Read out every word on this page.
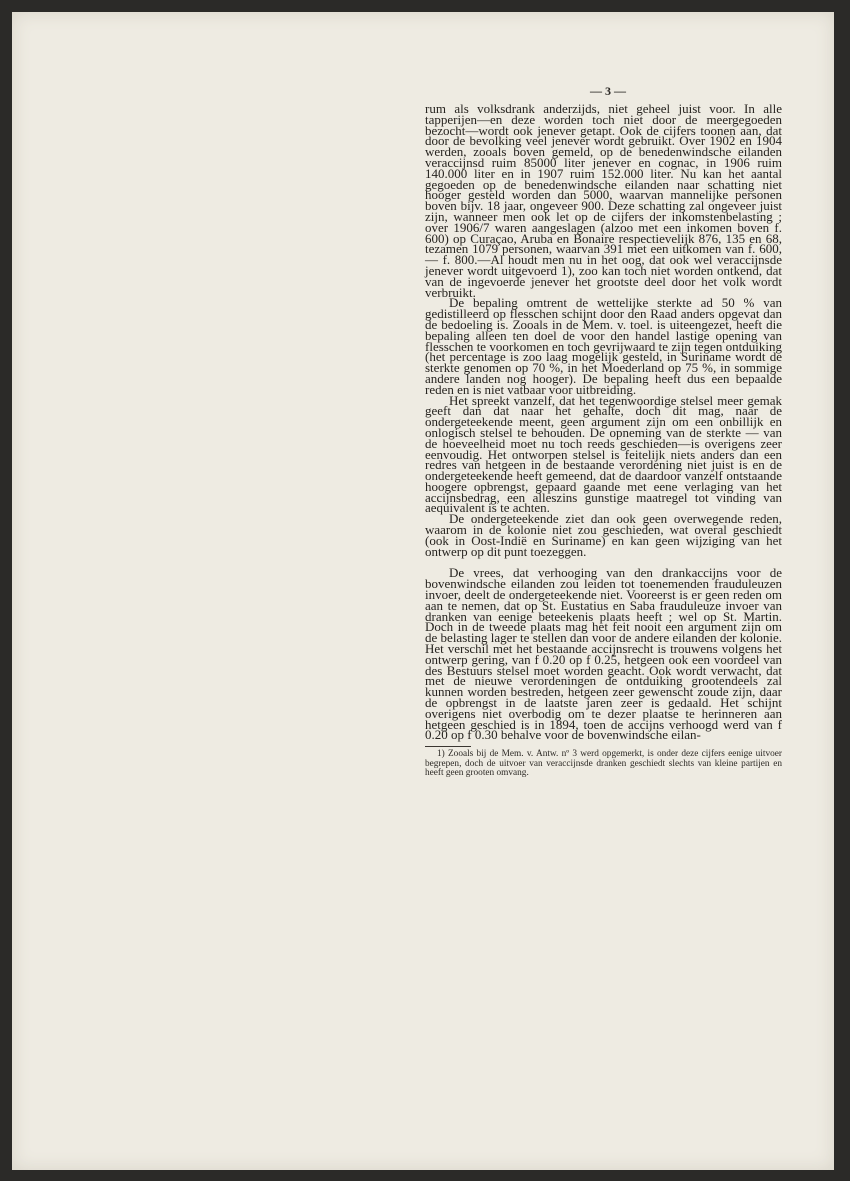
— 3 —

rum als volksdrank anderzijds, niet geheel juist voor. In alle tapperijen—en deze worden toch niet door de meergegoeden bezocht—wordt ook jenever getapt. Ook de cijfers toonen aan, dat door de bevolking veel jenever wordt gebruikt. Over 1902 en 1904 werden, zooals boven gemeld, op de benedenwindsche eilanden veraccijnsd ruim 85000 liter jenever en cognac, in 1906 ruim 140.000 liter en in 1907 ruim 152.000 liter. Nu kan het aantal gegoeden op de benedenwindsche eilanden naar schatting niet hooger gesteld worden dan 5000, waarvan mannelijke personen boven bijv. 18 jaar, ongeveer 900. Deze schatting zal ongeveer juist zijn, wanneer men ook let op de cijfers der inkomstenbelasting ; over 1906/7 waren aangeslagen (alzoo met een inkomen boven f. 600) op Curaçao, Aruba en Bonaire respectievelijk 876, 135 en 68, tezamen 1079 personen, waarvan 391 met een uitkomen van f. 600,— f. 800.—Al houdt men nu in het oog, dat ook wel veraccijnsde jenever wordt uitgevoerd 1), zoo kan toch niet worden ontkend, dat van de ingevoerde jenever het grootste deel door het volk wordt verbruikt.

De bepaling omtrent de wettelijke sterkte ad 50 % van gedistilleerd op flesschen schijnt door den Raad anders opgevat dan de bedoeling is. Zooals in de Mem. v. toel. is uiteengezet, heeft die bepaling alleen ten doel de voor den handel lastige opening van flesschen te voorkomen en toch gevrijwaard te zijn tegen ontduiking (het percentage is zoo laag mogelijk gesteld, in Suriname wordt de sterkte genomen op 70 %, in het Moederland op 75 %, in sommige andere landen nog hooger). De bepaling heeft dus een bepaalde reden en is niet vatbaar voor uitbreiding.

Het spreekt vanzelf, dat het tegenwoordige stelsel meer gemak geeft dan dat naar het gehalte, doch dit mag, naar de ondergeteekende meent, geen argument zijn om een onbillijk en onlogisch stelsel te behouden. De opneming van de sterkte — van de hoeveelheid moet nu toch reeds geschieden—is overigens zeer eenvoudig. Het ontworpen stelsel is feitelijk niets anders dan een redres van hetgeen in de bestaande verordening niet juist is en de ondergeteekende heeft gemeend, dat de daardoor vanzelf ontstaande hoogere opbrengst, gepaard gaande met eene verlaging van het accijnsbedrag, een alleszins gunstige maatregel tot vinding van aequivalent is te achten.

De ondergeteekende ziet dan ook geen overwegende reden, waarom in de kolonie niet zou geschieden, wat overal geschiedt (ook in Oost-Indië en Suriname) en kan geen wijziging van het ontwerp op dit punt toezeggen.

De vrees, dat verhooging van den drankaccijns voor de bovenwindsche eilanden zou leiden tot toenemenden frauduleuzen invoer, deelt de ondergeteekende niet. Vooreerst is er geen reden om aan te nemen, dat op St. Eustatius en Saba frauduleuze invoer van dranken van eenige beteekenis plaats heeft ; wel op St. Martin. Doch in de tweede plaats mag het feit nooit een argument zijn om de belasting lager te stellen dan voor de andere eilanden der kolonie. Het verschil met het bestaande accijnsrecht is trouwens volgens het ontwerp gering, van f 0.20 op f 0.25, hetgeen ook een voordeel van des Bestuurs stelsel moet worden geacht. Ook wordt verwacht, dat met de nieuwe verordeningen de ontduiking grootendeels zal kunnen worden bestreden, hetgeen zeer gewenscht zoude zijn, daar de opbrengst in de laatste jaren zeer is gedaald. Het schijnt overigens niet overbodig om te dezer plaatse te herinneren aan hetgeen geschied is in 1894, toen de accijns verhoogd werd van f 0.20 op f 0.30 behalve voor de bovenwindsche eilan-

1) Zooals bij de Mem. v. Antw. nº 3 werd opgemerkt, is onder deze cijfers eenige uitvoer begrepen, doch de uitvoer van veraccijnsde dranken geschiedt slechts van kleine partijen en heeft geen grooten omvang.
